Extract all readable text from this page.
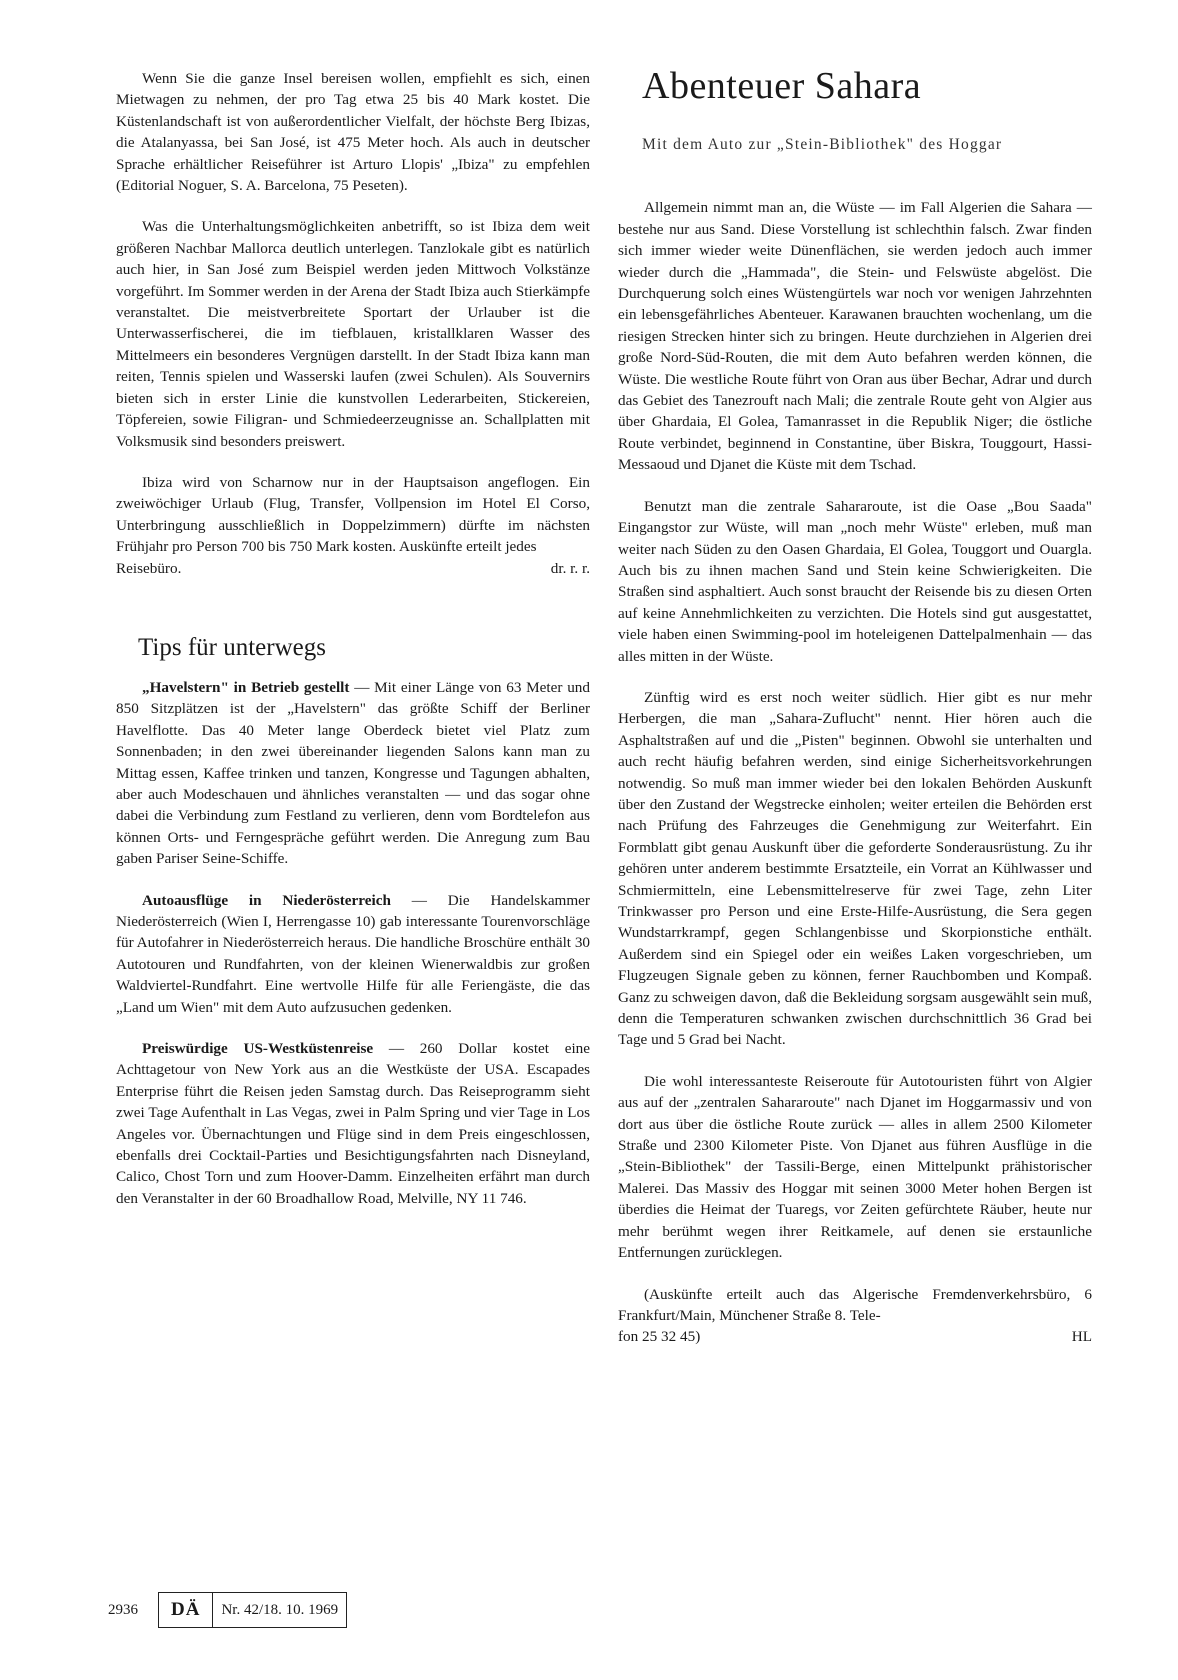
Wenn Sie die ganze Insel bereisen wollen, empfiehlt es sich, einen Mietwagen zu nehmen, der pro Tag etwa 25 bis 40 Mark kostet. Die Küstenlandschaft ist von außerordentlicher Vielfalt, der höchste Berg Ibizas, die Atalanyassa, bei San José, ist 475 Meter hoch. Als auch in deutscher Sprache erhältlicher Reiseführer ist Arturo Llopis' „Ibiza" zu empfehlen (Editorial Noguer, S. A. Barcelona, 75 Peseten).

Was die Unterhaltungsmöglichkeiten anbetrifft, so ist Ibiza dem weit größeren Nachbar Mallorca deutlich unterlegen. Tanzlokale gibt es natürlich auch hier, in San José zum Beispiel werden jeden Mittwoch Volkstänze vorgeführt. Im Sommer werden in der Arena der Stadt Ibiza auch Stierkämpfe veranstaltet. Die meistverbreitete Sportart der Urlauber ist die Unterwasserfischerei, die im tiefblauen, kristallklaren Wasser des Mittelmeers ein besonderes Vergnügen darstellt. In der Stadt Ibiza kann man reiten, Tennis spielen und Wasserski laufen (zwei Schulen). Als Souvernirs bieten sich in erster Linie die kunstvollen Lederarbeiten, Stickereien, Töpfereien, sowie Filigran- und Schmiedeerzeugnisse an. Schallplatten mit Volksmusik sind besonders preiswert.

Ibiza wird von Scharnow nur in der Hauptsaison angeflogen. Ein zweiwöchiger Urlaub (Flug, Transfer, Vollpension im Hotel El Corso, Unterbringung ausschließlich in Doppelzimmern) dürfte im nächsten Frühjahr pro Person 700 bis 750 Mark kosten. Auskünfte erteilt jedes

Reisebüro.	dr. r. r.
Tips für unterwegs

„Havelstern" in Betrieb gestellt — Mit einer Länge von 63 Meter und 850 Sitzplätzen ist der „Havelstern" das größte Schiff der Berliner Havelflotte. Das 40 Meter lange Oberdeck bietet viel Platz zum Sonnenbaden; in den zwei übereinander liegenden Salons kann man zu Mittag essen, Kaffee trinken und tanzen, Kongresse und Tagungen abhalten, aber auch Modeschauen und ähnliches veranstalten — und das sogar ohne dabei die Verbindung zum Festland zu verlieren, denn vom Bordtelefon aus können Orts- und Ferngespräche geführt werden. Die Anregung zum Bau gaben Pariser Seine-Schiffe.

Autoausflüge in Niederösterreich — Die Handelskammer Niederösterreich (Wien I, Herrengasse 10) gab interessante Tourenvorschläge für Autofahrer in Niederösterreich heraus. Die handliche Broschüre enthält 30 Autotouren und Rundfahrten, von der kleinen Wienerwaldbis zur großen Waldviertel-Rundfahrt. Eine wertvolle Hilfe für alle Feriengäste, die das „Land um Wien" mit dem Auto aufzusuchen gedenken.

Preiswürdige US-Westküstenreise — 260 Dollar kostet eine Achttagetour von New York aus an die Westküste der USA. Escapades Enterprise führt die Reisen jeden Samstag durch. Das Reiseprogramm sieht zwei Tage Aufenthalt in Las Vegas, zwei in Palm Spring und vier Tage in Los Angeles vor. Übernachtungen und Flüge sind in dem Preis eingeschlossen, ebenfalls drei Cocktail-Parties und Besichtigungsfahrten nach Disneyland, Calico, Chost Torn und zum Hoover-Damm. Einzelheiten erfährt man durch den Veranstalter in der 60 Broadhallow Road, Melville, NY 11 746.

Abenteuer Sahara
Mit dem Auto zur „Stein-Bibliothek" des Hoggar

Allgemein nimmt man an, die Wüste — im Fall Algerien die Sahara — bestehe nur aus Sand. Diese Vorstellung ist schlechthin falsch. Zwar finden sich immer wieder weite Dünenflächen, sie werden jedoch auch immer wieder durch die „Hammada", die Stein- und Felswüste abgelöst. Die Durchquerung solch eines Wüstengürtels war noch vor wenigen Jahrzehnten ein lebensgefährliches Abenteuer. Karawanen brauchten wochenlang, um die riesigen Strecken hinter sich zu bringen. Heute durchziehen in Algerien drei große Nord-Süd-Routen, die mit dem Auto befahren werden können, die Wüste. Die westliche Route führt von Oran aus über Bechar, Adrar und durch das Gebiet des Tanezrouft nach Mali; die zentrale Route geht von Algier aus über Ghardaia, El Golea, Tamanrasset in die Republik Niger; die östliche Route verbindet, beginnend in Constantine, über Biskra, Touggourt, Hassi-Messaoud und Djanet die Küste mit dem Tschad.

Benutzt man die zentrale Sahararoute, ist die Oase „Bou Saada" Eingangstor zur Wüste, will man „noch mehr Wüste" erleben, muß man weiter nach Süden zu den Oasen Ghardaia, El Golea, Touggort und Ouargla. Auch bis zu ihnen machen Sand und Stein keine Schwierigkeiten. Die Straßen sind asphaltiert. Auch sonst braucht der Reisende bis zu diesen Orten auf keine Annehmlichkeiten zu verzichten. Die Hotels sind gut ausgestattet, viele haben einen Swimming-pool im hoteleigenen Dattelpalmenhain — das alles mitten in der Wüste.

Zünftig wird es erst noch weiter südlich. Hier gibt es nur mehr Herbergen, die man „Sahara-Zuflucht" nennt. Hier hören auch die Asphaltstraßen auf und die „Pisten" beginnen. Obwohl sie unterhalten und auch recht häufig befahren werden, sind einige Sicherheitsvorkehrungen notwendig. So muß man immer wieder bei den lokalen Behörden Auskunft über den Zustand der Wegstrecke einholen; weiter erteilen die Behörden erst nach Prüfung des Fahrzeuges die Genehmigung zur Weiterfahrt. Ein Formblatt gibt genau Auskunft über die geforderte Sonderausrüstung. Zu ihr gehören unter anderem bestimmte Ersatzteile, ein Vorrat an Kühlwasser und Schmiermitteln, eine Lebensmittelreserve für zwei Tage, zehn Liter Trinkwasser pro Person und eine Erste-Hilfe-Ausrüstung, die Sera gegen Wundstarrkrampf, gegen Schlangenbisse und Skorpionstiche enthält. Außerdem sind ein Spiegel oder ein weißes Laken vorgeschrieben, um Flugzeugen Signale geben zu können, ferner Rauchbomben und Kompaß. Ganz zu schweigen davon, daß die Bekleidung sorgsam ausgewählt sein muß, denn die Temperaturen schwanken zwischen durchschnittlich 36 Grad bei Tage und 5 Grad bei Nacht.

Die wohl interessanteste Reiseroute für Autotouristen führt von Algier aus auf der „zentralen Sahararoute" nach Djanet im Hoggarmassiv und von dort aus über die östliche Route zurück — alles in allem 2500 Kilometer Straße und 2300 Kilometer Piste. Von Djanet aus führen Ausflüge in die „Stein-Bibliothek" der Tassili-Berge, einen Mittelpunkt prähistorischer Malerei. Das Massiv des Hoggar mit seinen 3000 Meter hohen Bergen ist überdies die Heimat der Tuaregs, vor Zeiten gefürchtete Räuber, heute nur mehr berühmt wegen ihrer Reitkamele, auf denen sie erstaunliche Entfernungen zurücklegen.

(Auskünfte erteilt auch das Algerische Fremdenverkehrsbüro, 6 Frankfurt/Main, Münchener Straße 8. Tele-

fon 25 32 45)	HL
2936	DÄ	Nr. 42/18. 10. 1969
